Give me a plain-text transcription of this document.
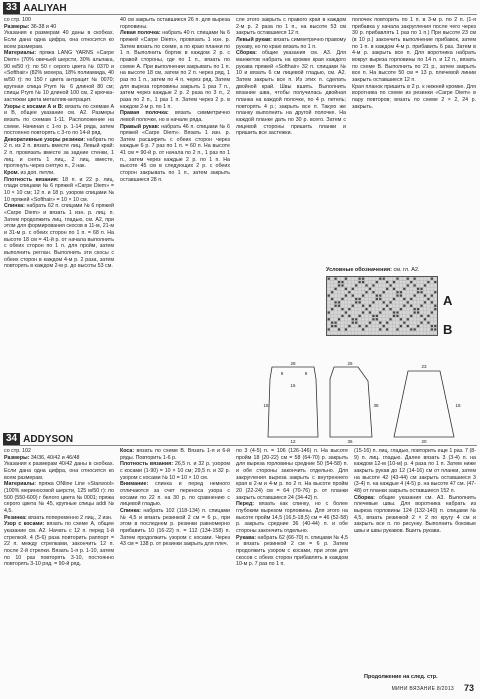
33 AALIYAH

со стр. 100

Размеры: 36-38 и 40

Указания к размерам 40 даны в скобках. Если дана одна цифра, она относится ко всем размерам.

Материалы: пряжа LANG YARNS «Carpe Diem» (70% овечьей шерсти, 30% альпака, 90 м/50 г): по 50 г серого цвета № 0370 и «Softhair» (82% мохера, 18% полиамида, 40 м/50 г): по 150 г цвета антрацит № 0070; крупная спица Prym № 6 длиной 80 см; спицы Prym № 10 длиной 100 см, 2 крючка-застежки цвета металлик-антрацит.

Узоры с косами А и В: вязать по схемам А и В, общее указание см. А2. Размеры вязать по схемам 1-11. Расположение на схеме. Начиная с 1-го р. 1-14 ряда, затем постоянно повторять с 3-го по 14-й ряд.

Декоративные узоры резинки: набрать по 2 п. из 2 п. вязать вместе лиц. Левый край: 2 п. провязать вместе за задние стенки, 1 лиц. и снять 1 лиц., 2 лиц. вместе, протянуть через снятую п., 2 нак.

Кром. из доп. петли.

Плотность вязания: 18 п. и 22 р. лиц. глади спицами № 6 пряжей «Carpe Diem» = 10 × 10 см; 12 п. и 18 р. узором спицами № 10 пряжей «Softhair» = 10 × 10 см.

Спинка: набрать 62 п. спицами № 6 пряжей «Carpe Diem» и вязать 1 изн. р. лиц. п. Затем продолжить лиц. гладью, см. А2, при этом для формирования скосов в 11-м, 21-м и 31-м р. с обеих сторон по 1 п. = 68 п. На высоте 18 см = 41-й р. от начала выполнить с обеих сторон по 1 п. для пройм, затем выполнить реглан. Выполнить эти скосы с обеих сторон в каждом 4-м р. 2 раза, затем повторять в каждом 2-м р. до высоты 53 см.

40 см закрыть оставшиеся 26 п. для выреза горловины.

Левая полочка: набрать 40 п. спицами № 6 пряжей «Carpe Diem», провязать 1 изн. р. Затем вязать по схеме, а по краю планки по 1 п. Выполнить бортик в каждом 2 р. с правой стороны, где по 1 п., вязать по схеме А. При выполнении закрывать по 1 п. на высоте 18 см, затем по 2 п. через ряд, 1 раз по 1 п., затем по 4 п. через ряд. Затем для выреза горловины закрыть 1 раз 7 п., затем через каждые 2 р. 2 раза по 3 п., 2 раза по 2 п., 1 раз 1 п. Затем через 2 р. в каждом 2-м р. по 1 п.

Правая полочка: вязать симметрично левой полочке, но в начале ряда.

Правый рукав: набрать 46 п. спицами № 6 пряжей «Carpe Diem». Вязать 1 изн. р. Затем расширить с обеих сторон через каждые 6 р. 7 раз по 1 п. = 60 п. На высоте 41 см = 90-й р. от начала по 2 п., 1 раз по 1 п., затем через каждые 2 р. по 1 п. На высоте 45 см в следующих 2 р. с обеих сторон закрывать по 1 п., затем закрыть оставшиеся 28 п.

сле этого закрыть с правого края в каждом 2-м р. 2 раза по 1 п., на высоте 53 см закрыть оставшиеся 12 п.

Левый рукав: вязать симметрично правому рукаву, но по краю вязать по 1 п.

Сборка: общие указания см. А3. Для манжетов набрать на кромке края каждого рукава пряжей «Softhair» 32 п. спицами № 10 и вязать 6 см лицевой гладью, см. А2. Затем закрыть все п. Из этих п. сделать двойной край. Швы вшить. Выполнить вязание шва, чтобы получилась двойная планка на каждой полочке, по 4 р. петель; повторять 4 р.; закрыть все п. Такую же планку выполнить на другой полочке. На каждой планке дать по 30 р. всего. Затем с лицевой стороны пришить планки и пришить все застежки.

полочек повторить по 1 п. в 3-м р. по 2 п. (1-я прибавка у начала закругления после чего через 30 р. прибавлять 1 раз по 1 п.) При высоте 23 см (в 10 р.) закончить выполнение прибавок, затем по 1 п. в каждом 4-м р. прибавить 6 раз. Затем в 4-м р. закрыть все п. Для воротника набрать вокруг выреза горловины по 14 п. и 12 п., вязать по схеме В. Выполнить по 21 р., затем закрыть все п. На высоте 50 см = 13 р. плечевой линии закрыть оставшиеся 12 п.

Края планок пришить в 2 р. к нижней кромке. Для воротника по схеме из резинки «Carpe Diem» в пару повторов; вязать по схеме 2 × 2, 24 р. закрыть.

Условные обозначения: см. гл. А2.
A
B
28
16
9	9
18
12
25
38
36
23
20
18
34 ADDYSON

со стр. 102

Размеры: 34/36, 40/42 и 46/48

Указания к размерам 40/42 даны в скобках. Если дана одна цифра, она относится ко всем размерам.

Материалы: пряжа ONline Line «Starwool» (100% мериносовой шерсти, 125 м/50 г): по 500 (550-600) г белого цвета № 0001; пряжа серого цвета № 45, крупные спицы addi № 4,5.

Резинка: вязать попеременно 2 лиц., 2 изн.

Узор с косами: вязать по схеме А, общее указание см. А2. Начать с 12 п. перед 1-й стрелкой. 4 (5-6) раза повторить раппорт = 22 п. между стрелками, закончить 12 п. после 2-й стрелки. Вязать 1-я р. 1-10, затем по 10 раз повторять 3-10, постоянно повторять 3-10 ряд. = 90-й ряд.

Коса: вязать по схеме В. Вязать 1-я и 6-й ряды. Повторить 1-6 р.

Плотность вязания: 26,5 п. и 32 р. узором с косами (1-90) = 10 × 10 см; 29,5 п. и 32 р. узором с косами № 10 = 10 × 10 см.

Внимание: спинка и перед немного отличаются за счет переноса узора с косами по 22 п. на 30 р. по сравнению с лицевой гладью.

Спинка: набрать 102 (118-134) п. спицами № 4,5 и вязать резинкой 2 см = 6 р., при этом в последнем р. резинки равномерно прибавить 10 (16-22) п. = 112 (134-158) п. Затем продолжить узором с косами. Через 43 см = 138 р. от резинки закрыть для плеч.

по 3 (4-5) п. = 106 (126-146) п. На высоте пройм 18 (20-22) см = 58 (64-70) р. закрыть для выреза горловины средние 50 (54-58) п. и обе стороны закончить отдельно. Для закругления выреза закрыть с внутреннего края в 2-м и 4-м р. по 2 п. На высоте пройм 20 (22-24) см = 64 (70-76) р. от планки закрыть оставшиеся 24 (34-42) п.

Перед: вязать как спинку, но с более глубоким вырезом горловины. Для этого на высоте пройм 14,5 (16,5-18,5) см = 46 (52-58) р. закрыть средние 36 (40-44) п. и обе стороны закончить отдельно.

Рукава: набрать 62 (66-70) п. спицами № 4,5 и вязать резинкой 2 см = 6 р. Затем продолжить узором с косами, при этом для скосов с обеих сторон прибавлять в каждом 10-м р. 7 раз по 1 п.

(15-16) п. лиц. гладью, повторить еще 1 раз. 7 (8-9) п. лиц. гладью. Далее вязать 3 (3-4) п. на каждом 12-м (10-м) р. 4 раза по 1 п. Затем ниже закрыть рукав до 12 (14-16) см от планки, затем на высоте 42 (43-44) см закрыть оставшиеся 3 (3-4) п. на каждые 4 (4-5) р. на высоте 47 см. (47-48) от планки закрыть оставшиеся 152 п.

Сборка: общие указания см. А3. Выполнить плечевые швы. Для воротника набрать из выреза горловины 124 (132-140) п. спицами № 4,5, вязать резинкой 2 × 2 по кругу 4 см и закрыть все п. по рисунку. Выполнить боковые швы и швы рукавов. Вшить рукава.

Продолжение на след. стр.
МИНИ ВЯЗАНИЕ 8/2013 73
